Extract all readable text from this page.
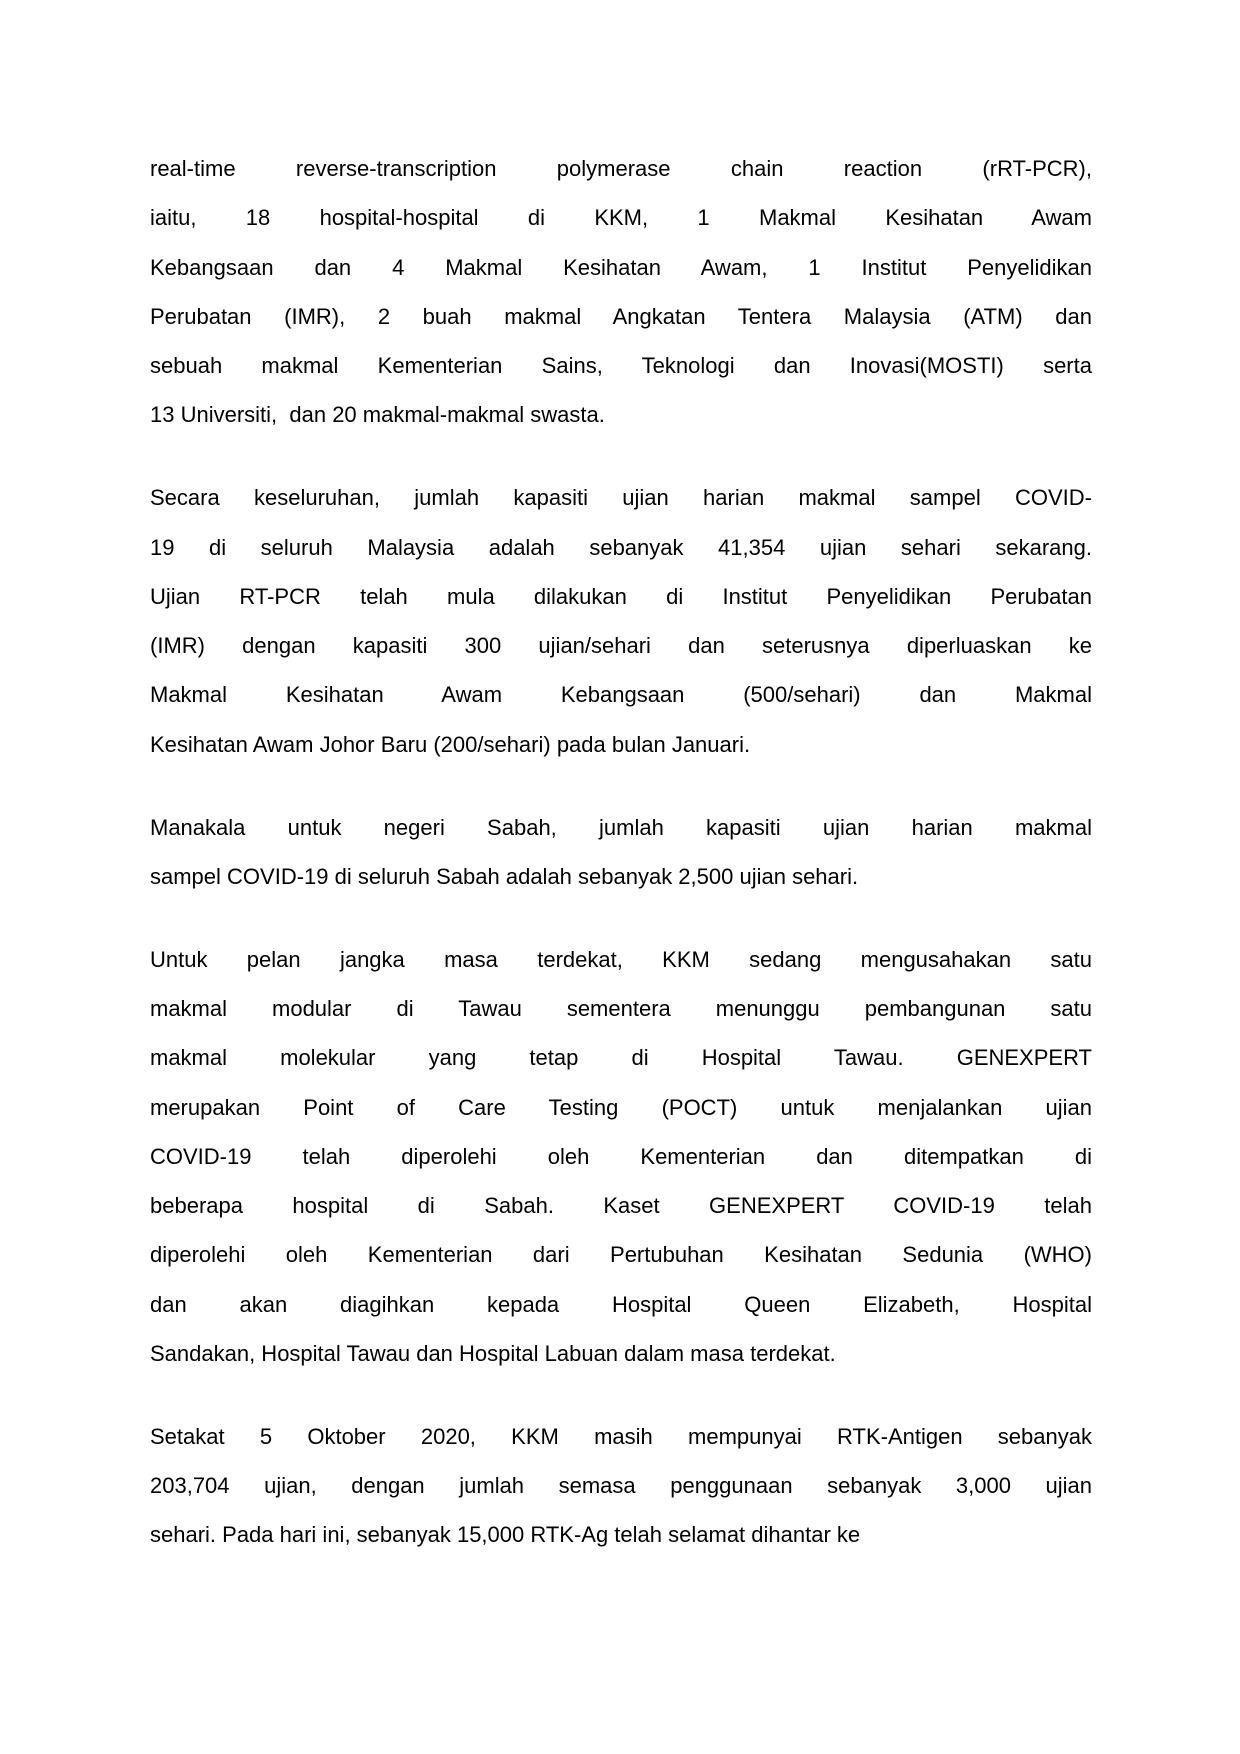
real-time reverse-transcription polymerase chain reaction (rRT-PCR),
iaitu, 18 hospital-hospital di KKM, 1 Makmal Kesihatan Awam
Kebangsaan dan 4 Makmal Kesihatan Awam, 1 Institut Penyelidikan
Perubatan (IMR), 2 buah makmal Angkatan Tentera Malaysia (ATM) dan
sebuah makmal Kementerian Sains, Teknologi dan Inovasi(MOSTI) serta
13 Universiti,  dan 20 makmal-makmal swasta.
Secara keseluruhan, jumlah kapasiti ujian harian makmal sampel COVID-
19 di seluruh Malaysia adalah sebanyak 41,354 ujian sehari sekarang.
Ujian RT-PCR telah mula dilakukan di Institut Penyelidikan Perubatan
(IMR) dengan kapasiti 300 ujian/sehari dan seterusnya diperluaskan ke
Makmal Kesihatan Awam Kebangsaan (500/sehari) dan Makmal
Kesihatan Awam Johor Baru (200/sehari) pada bulan Januari.
Manakala untuk negeri Sabah, jumlah kapasiti ujian harian makmal
sampel COVID-19 di seluruh Sabah adalah sebanyak 2,500 ujian sehari.
Untuk pelan jangka masa terdekat, KKM sedang mengusahakan satu
makmal modular di Tawau sementera menunggu pembangunan satu
makmal molekular yang tetap di Hospital Tawau. GENEXPERT
merupakan Point of Care Testing (POCT) untuk menjalankan ujian
COVID-19 telah diperolehi oleh Kementerian dan ditempatkan di
beberapa hospital di Sabah. Kaset GENEXPERT COVID-19 telah
diperolehi oleh Kementerian dari Pertubuhan Kesihatan Sedunia (WHO)
dan akan diagihkan kepada Hospital Queen Elizabeth, Hospital
Sandakan, Hospital Tawau dan Hospital Labuan dalam masa terdekat.
Setakat 5 Oktober 2020, KKM masih mempunyai RTK-Antigen sebanyak
203,704 ujian, dengan jumlah semasa penggunaan sebanyak 3,000 ujian
sehari. Pada hari ini, sebanyak 15,000 RTK-Ag telah selamat dihantar ke
